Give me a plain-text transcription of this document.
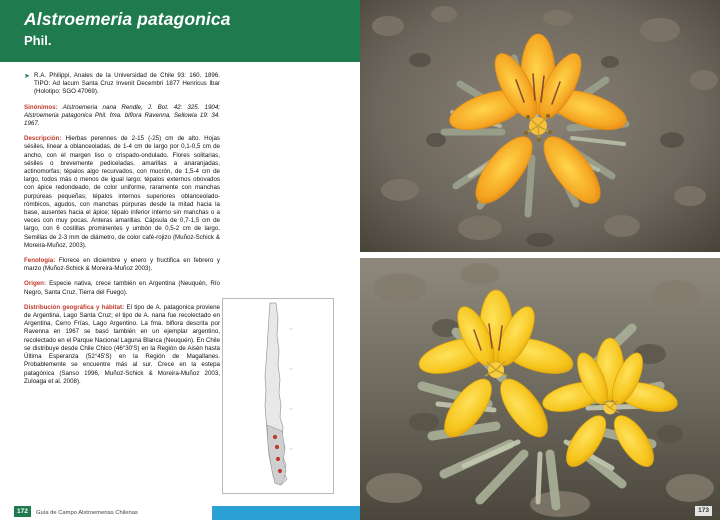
Alstroemeria patagonica
Phil.
➤ R.A. Philippi, Anales de la Universidad de Chile 93: 160. 1896. TIPO: Ad lacum Santa Cruz Invenit Decembri 1877 Henricus Ibar (Holotipo: SGO 47069).
Sinónimos: Alstroemeria nana Rendle, J. Bot. 42: 325. 1904; Alstroemeria patagonica Phil. fma. biflora Ravenna, Sellowia 19: 34. 1967.
Descripción: Hierbas perennes de 2-15 (-25) cm de alto. Hojas sésiles, linear a oblanceoladas, de 1-4 cm de largo por 0,1-0,5 cm de ancho, con el margen liso o crispado-ondulado. Flores solitarias, sésiles o brevemente pediceladas, amarillas a anaranjadas, actinomorfas; tépalos algo recurvados, con mucrón, de 1,5-4 cm de largo, todos más o menos de igual largo; tépalos externos obovados con ápice redondeado, de color uniforme, raramente con manchas purpúreas pequeñas; tépalos internos superiores oblanceolado-rómbicos, agudos, con manchas púrpuras desde la mitad hacia la base, ausentes hacia el ápice; tépalo inferior interno sin manchas o a veces con muy pocas. Anteras amarillas. Cápsula de 0,7-1,5 cm de largo, con 6 costillas prominentes y umbón de 0,5-2 cm de largo. Semillas de 2-3 mm de diámetro, de color café-rojizo (Muñoz-Schick & Moreira-Muñoz, 2003).
Fenología: Florece en diciembre y enero y fructifica en febrero y marzo (Muñoz-Schick & Moreira-Muñoz 2003).
Origen: Especie nativa, crece también en Argentina (Neuquén, Río Negro, Santa Cruz, Tierra del Fuego).
Distribución geográfica y hábitat: El tipo de A. patagonica proviene de Argentina, Lago Santa Cruz; el tipo de A. nana fue recolectado en Argentina, Cerro Frías, Lago Argentino. La fma. biflora descrita por Ravenna en 1967 se basó también en un ejemplar argentino, recolectado en el Parque Nacional Laguna Blanca (Neuquén). En Chile se distribuye desde Chile Chico (46°30'S) en la Región de Aisén hasta Última Esperanza (52°45'S) en la Región de Magallanes. Probablemente se encuentre más al sur. Crece en la estepa patagónica (Sanso 1996, Muñoz-Schick & Moreira-Muñoz 2003, Zuloaga et al. 2008).
172	Guía de Campo Alstroemerias Chilenas	173
